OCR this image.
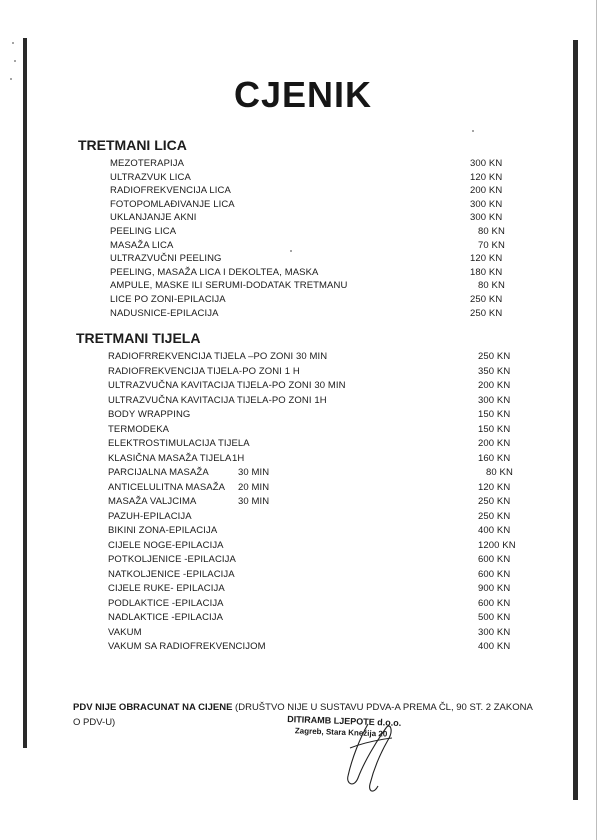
CJENIK
TRETMANI LICA
MEZOTERAPIJA	300 KN
ULTRAZVUK LICA	120 KN
RADIOFREKVENCIJA LICA	200 KN
FOTOPOMLAĐIVANJE LICA	300 KN
UKLANJANJE AKNI	300 KN
PEELING LICA	80 KN
MASAŽA LICA	70 KN
ULTRAZVUČNI PEELING	120 KN
PEELING, MASAŽA LICA I DEKOLTEA, MASKA	180 KN
AMPULE, MASKE ILI SERUMI-DODATAK TRETMANU	80 KN
LICE PO ZONI-EPILACIJA	250 KN
NADUSNICE-EPILACIJA	250 KN
TRETMANI TIJELA
RADIOFRREKVENCIJA TIJELA –PO ZONI 30 MIN	250 KN
RADIOFREKVENCIJA TIJELA-PO ZONI 1 H	350 KN
ULTRAZVUČNA KAVITACIJA TIJELA-PO ZONI 30 MIN	200 KN
ULTRAZVUČNA KAVITACIJA TIJELA-PO ZONI 1H	300 KN
BODY WRAPPING	150 KN
TERMODEKA	150 KN
ELEKTROSTIMULACIJA TIJELA	200 KN
KLASIČNA MASAŽA TIJELA 1H	160 KN
PARCIJALNA MASAŽA	30 MIN	80 KN
ANTICELULITNA MASAŽA 20 MIN	120 KN
MASAŽA VALJCIMA	30 MIN	250 KN
PAZUH-EPILACIJA	250 KN
BIKINI ZONA-EPILACIJA	400 KN
CIJELE NOGE-EPILACIJA	1200 KN
POTKOLJENICE -EPILACIJA	600 KN
NATKOLJENICE -EPILACIJA	600 KN
CIJELE RUKE- EPILACIJA	900 KN
PODLAKTICE -EPILACIJA	600 KN
NADLAKTICE -EPILACIJA	500 KN
VAKUM	300 KN
VAKUM SA RADIOFREKVENCIJOM	400 KN
PDV NIJE OBRACUNAT NA CIJENE (DRUŠTVO NIJE U SUSTAVU PDVA-A PREMA ČL, 90 ST. 2 ZAKONA O PDV-U)	DITIRAMB LJEPOTE d.o.o.
Zagreb, Stara Knežija 20
